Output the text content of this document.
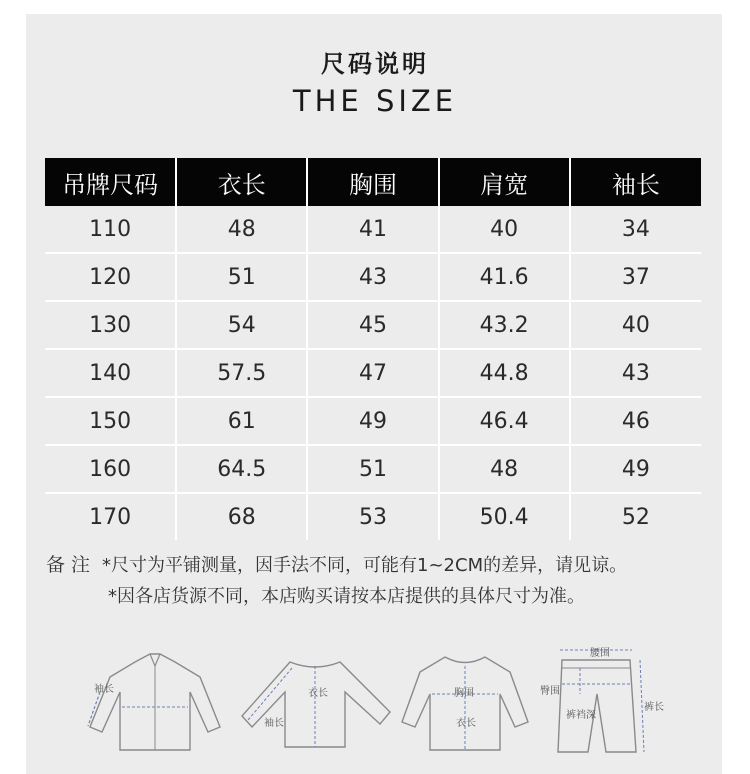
尺码说明
THE SIZE
吊牌尺码	衣长	胸围	肩宽	袖长
110	48	41	40	34
120	51	43	41.6	37
130	54	45	43.2	40
140	57.5	47	44.8	43
150	61	49	46.4	46
160	64.5	51	48	49
170	68	53	50.4	52
备注 *尺寸为平铺测量，因手法不同，可能有1~2CM的差异，请见谅。
*因各店货源不同，本店购买请按本店提供的具体尺寸为准。
袖长	衣长
袖长
胸围
衣长
腰围
臀围
裤裆深
裤长
